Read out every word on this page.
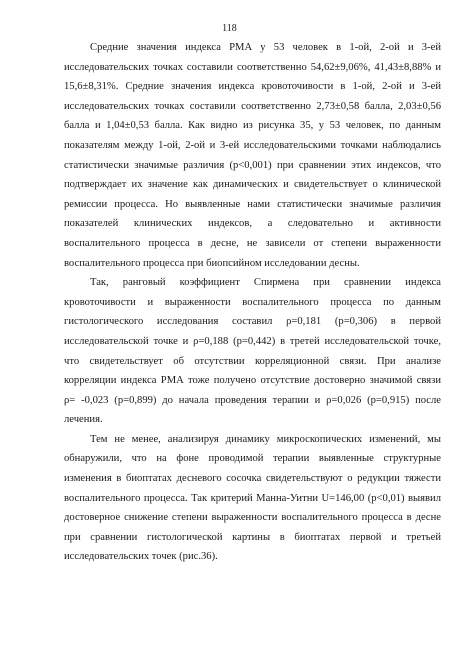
118

Средние значения индекса РМА у 53 человек в 1-ой, 2-ой и 3-ей исследовательских точках составили соответственно 54,62±9,06%, 41,43±8,88% и 15,6±8,31%. Средние значения индекса кровоточивости в 1-ой, 2-ой и 3-ей исследовательских точках составили соответственно 2,73±0,58 балла, 2,03±0,56 балла и 1,04±0,53 балла. Как видно из рисунка 35, у 53 человек, по данным показателям между 1-ой, 2-ой и 3-ей исследовательскими точками наблюдались статистически значимые различия (р<0,001) при сравнении этих индексов, что подтверждает их значение как динамических и свидетельствует о клинической ремиссии процесса. Но выявленные нами статистически значимые различия показателей клинических индексов, а следовательно и активности воспалительного процесса в десне, не зависели от степени выраженности воспалительного процесса при биопсийном исследовании десны.

Так, ранговый коэффициент Спирмена при сравнении индекса кровоточивости и выраженности воспалительного процесса по данным гистологического исследования составил ρ=0,181 (р=0,306) в первой исследовательской точке и ρ=0,188 (р=0,442) в третей исследовательской точке, что свидетельствует об отсутствии корреляционной связи. При анализе корреляции индекса РМА тоже получено отсутствие достоверно значимой связи ρ= -0,023 (р=0,899) до начала проведения терапии и ρ=0,026 (р=0,915) после лечения.

Тем не менее, анализируя динамику микроскопических изменений, мы обнаружили, что на фоне проводимой терапии выявленные структурные изменения в биоптатах десневого сосочка свидетельствуют о редукции тяжести воспалительного процесса. Так критерий Манна-Уитни U=146,00 (р<0,01) выявил достоверное снижение степени выраженности воспалительного процесса в десне при сравнении гистологической картины в биоптатах первой и третьей исследовательских точек (рис.36).
